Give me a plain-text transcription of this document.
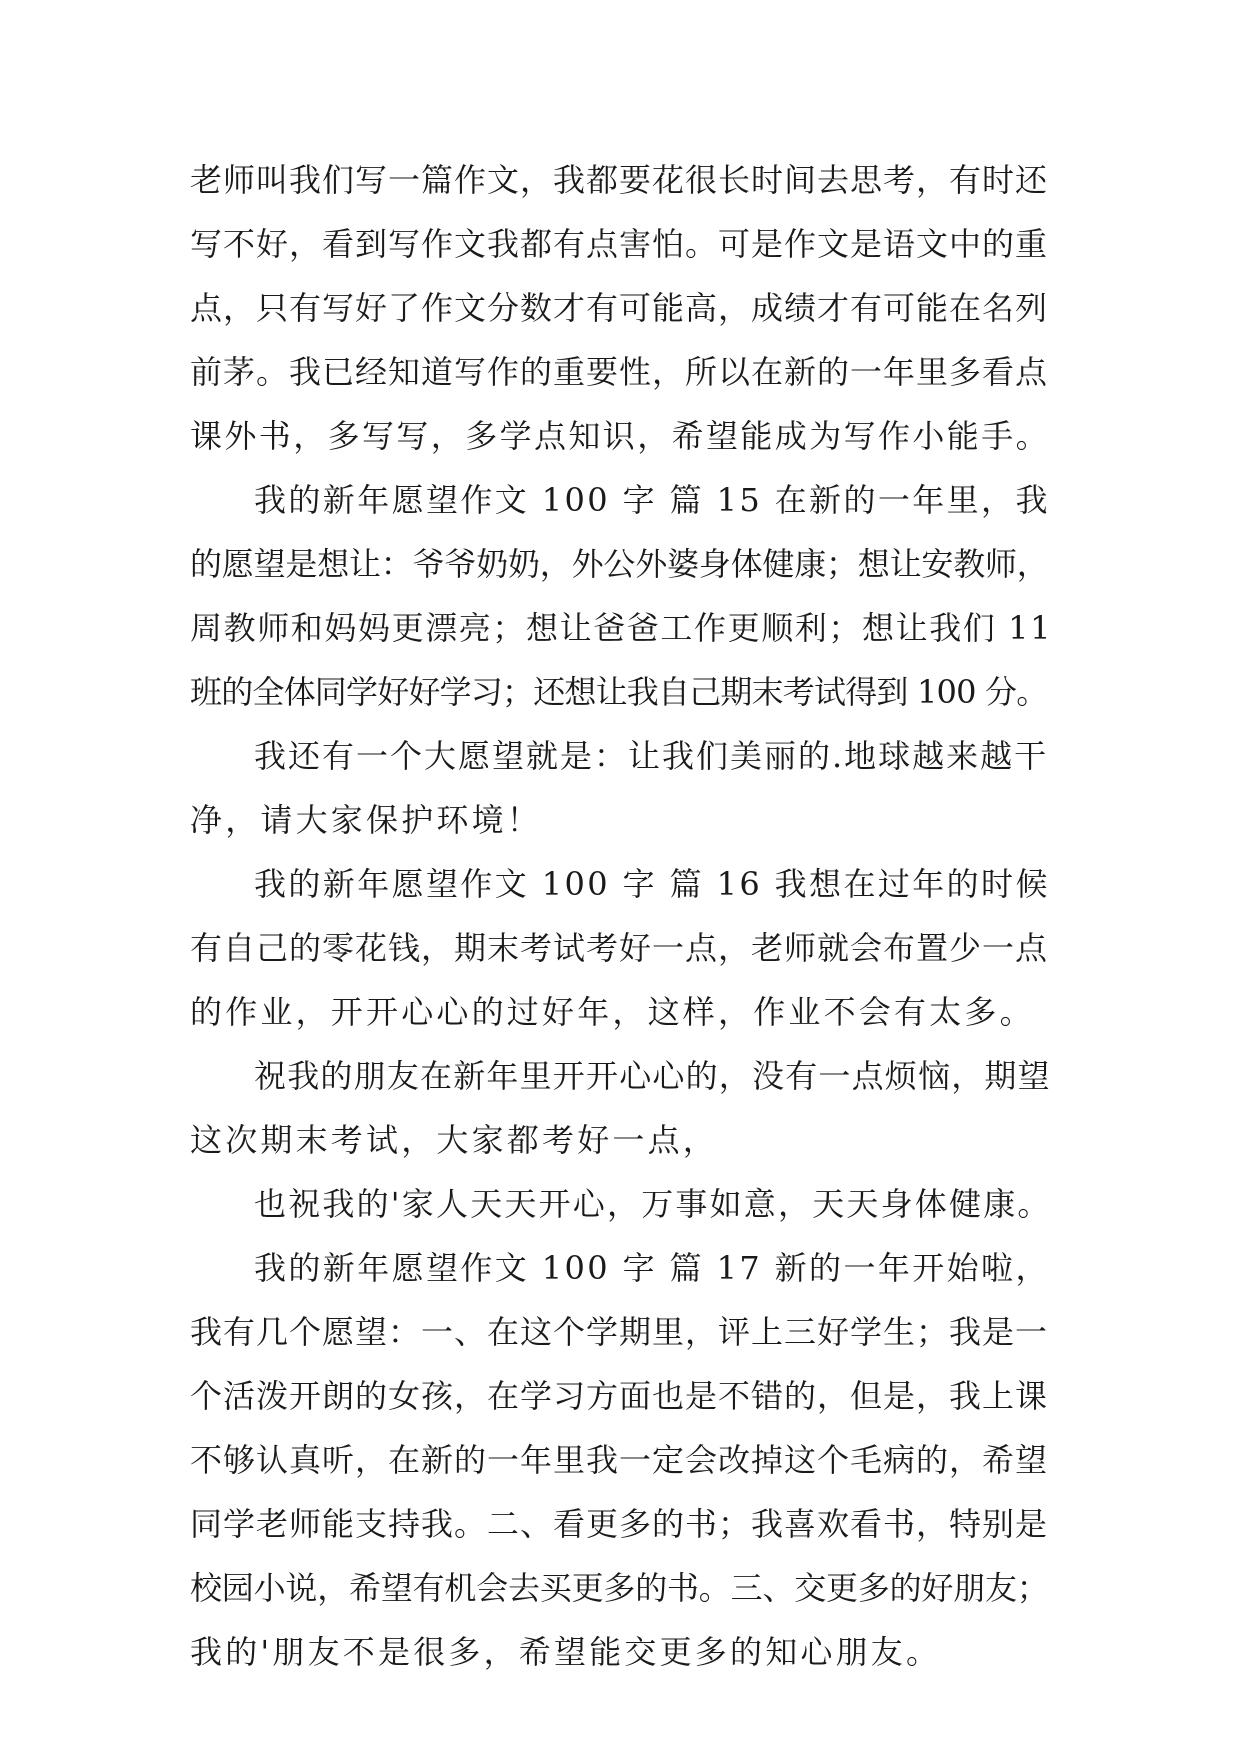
老师叫我们写一篇作文，我都要花很长时间去思考，有时还
写不好，看到写作文我都有点害怕。可是作文是语文中的重
点，只有写好了作文分数才有可能高，成绩才有可能在名列
前茅。我已经知道写作的重要性，所以在新的一年里多看点
课外书，多写写，多学点知识，希望能成为写作小能手。
我的新年愿望作文 100 字 篇 15 在新的一年里，我
的愿望是想让：爷爷奶奶，外公外婆身体健康；想让安教师，
周教师和妈妈更漂亮；想让爸爸工作更顺利；想让我们 11
班的全体同学好好学习；还想让我自己期末考试得到 100 分。
我还有一个大愿望就是：让我们美丽的.地球越来越干
净，请大家保护环境！
我的新年愿望作文 100 字 篇 16 我想在过年的时候
有自己的零花钱，期末考试考好一点，老师就会布置少一点
的作业，开开心心的过好年，这样，作业不会有太多。
祝我的朋友在新年里开开心心的，没有一点烦恼，期望
这次期末考试，大家都考好一点，
也祝我的'家人天天开心，万事如意，天天身体健康。
我的新年愿望作文 100 字 篇 17 新的一年开始啦，
我有几个愿望：一、在这个学期里，评上三好学生；我是一
个活泼开朗的女孩，在学习方面也是不错的，但是，我上课
不够认真听，在新的一年里我一定会改掉这个毛病的，希望
同学老师能支持我。二、看更多的书；我喜欢看书，特别是
校园小说，希望有机会去买更多的书。三、交更多的好朋友；
我的'朋友不是很多，希望能交更多的知心朋友。
